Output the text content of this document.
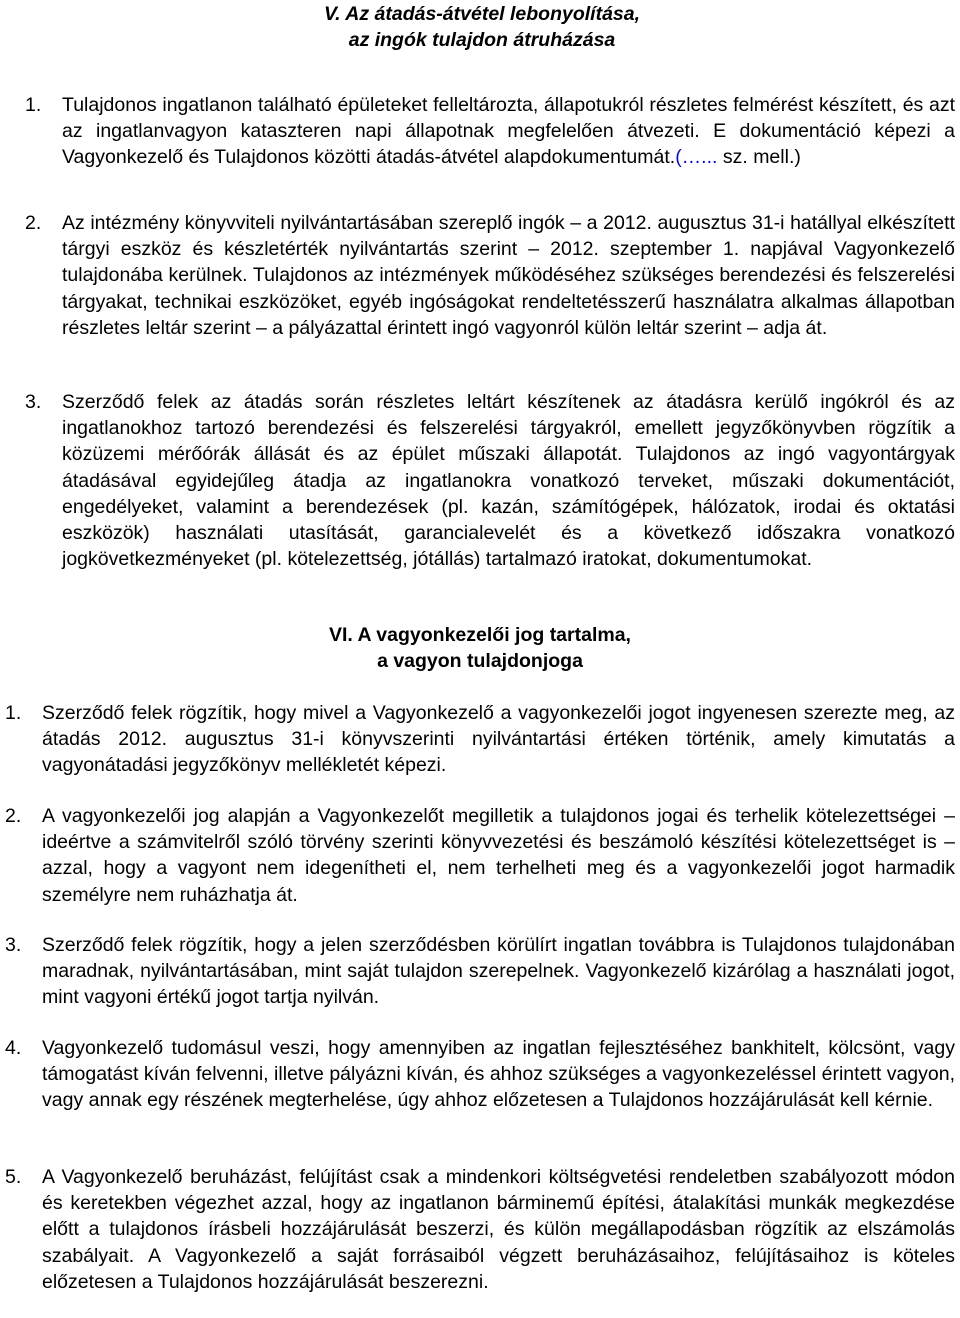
V. Az átadás-átvétel lebonyolítása,
az ingók tulajdon átruházása
1. Tulajdonos ingatlanon található épületeket felleltározta, állapotukról részletes felmérést készített, és azt az ingatlanvagyon kataszteren napi állapotnak megfelelően átvezeti. E dokumentáció képezi a Vagyonkezelő és Tulajdonos közötti átadás-átvétel alapdokumentumát.(…... sz. mell.)

2. Az intézmény könyvviteli nyilvántartásában szereplő ingók – a 2012. augusztus 31-i hatállyal elkészített tárgyi eszköz és készletérték nyilvántartás szerint – 2012. szeptember 1. napjával Vagyonkezelő tulajdonába kerülnek. Tulajdonos az intézmények működéséhez szükséges berendezési és felszerelési tárgyakat, technikai eszközöket, egyéb ingóságokat rendeltetésszerű használatra alkalmas állapotban részletes leltár szerint – a pályázattal érintett ingó vagyonról külön leltár szerint – adja át.

3. Szerződő felek az átadás során részletes leltárt készítenek az átadásra kerülő ingókról és az ingatlanokhoz tartozó berendezési és felszerelési tárgyakról, emellett jegyzőkönyvben rögzítik a közüzemi mérőórák állását és az épület műszaki állapotát. Tulajdonos az ingó vagyontárgyak átadásával egyidejűleg átadja az ingatlanokra vonatkozó terveket, műszaki dokumentációt, engedélyeket, valamint a berendezések (pl. kazán, számítógépek, hálózatok, irodai és oktatási eszközök) használati utasítását, garancialevelét és a következő időszakra vonatkozó jogkövetkezményeket (pl. kötelezettség, jótállás) tartalmazó iratokat, dokumentumokat.

VI. A vagyonkezelői jog tartalma,
a vagyon tulajdonjoga
1. Szerződő felek rögzítik, hogy mivel a Vagyonkezelő a vagyonkezelői jogot ingyenesen szerezte meg, az átadás 2012. augusztus 31-i könyvszerinti nyilvántartási értéken történik, amely kimutatás a vagyonátadási jegyzőkönyv mellékletét képezi.

2. A vagyonkezelői jog alapján a Vagyonkezelőt megilletik a tulajdonos jogai és terhelik kötelezettségei – ideértve a számvitelről szóló törvény szerinti könyvvezetési és beszámoló készítési kötelezettséget is – azzal, hogy a vagyont nem idegenítheti el, nem terhelheti meg és a vagyonkezelői jogot harmadik személyre nem ruházhatja át.

3. Szerződő felek rögzítik, hogy a jelen szerződésben körülírt ingatlan továbbra is Tulajdonos tulajdonában maradnak, nyilvántartásában, mint saját tulajdon szerepelnek. Vagyonkezelő kizárólag a használati jogot, mint vagyoni értékű jogot tartja nyilván.

4. Vagyonkezelő tudomásul veszi, hogy amennyiben az ingatlan fejlesztéséhez bankhitelt, kölcsönt, vagy támogatást kíván felvenni, illetve pályázni kíván, és ahhoz szükséges a vagyonkezeléssel érintett vagyon, vagy annak egy részének megterhelése, úgy ahhoz előzetesen a Tulajdonos hozzájárulását kell kérnie.

5. A Vagyonkezelő beruházást, felújítást csak a mindenkori költségvetési rendeletben szabályozott módon és keretekben végezhet azzal, hogy az ingatlanon bárminemű építési, átalakítási munkák megkezdése előtt a tulajdonos írásbeli hozzájárulását beszerzi, és külön megállapodásban rögzítik az elszámolás szabályait. A Vagyonkezelő a saját forrásaiból végzett beruházásaihoz, felújításaihoz is köteles előzetesen a Tulajdonos hozzájárulását beszerezni.
